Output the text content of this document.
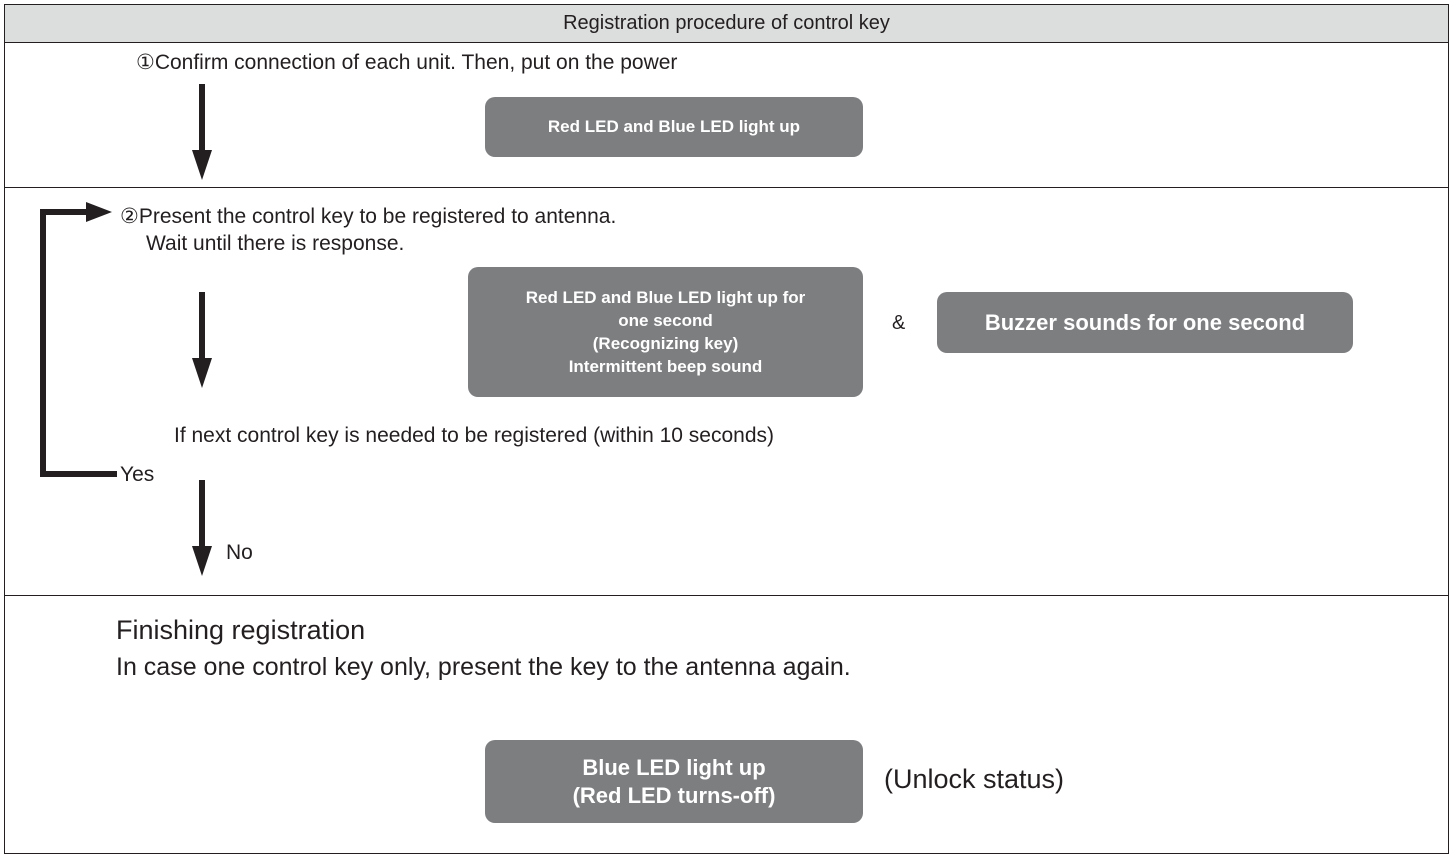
Registration procedure of control key
①Confirm connection of each unit. Then, put on the power
Red LED and Blue LED light up
②Present the control key to be registered to antenna.
Wait until there is response.
Red LED and Blue LED light up for
one second
(Recognizing key)
Intermittent beep sound
&	Buzzer sounds for one second
If next control key is needed to be registered (within 10 seconds)
Yes
No
Finishing registration
In case one control key only, present the key to the antenna again.
Blue LED light up
(Red LED turns-off)
(Unlock status)
